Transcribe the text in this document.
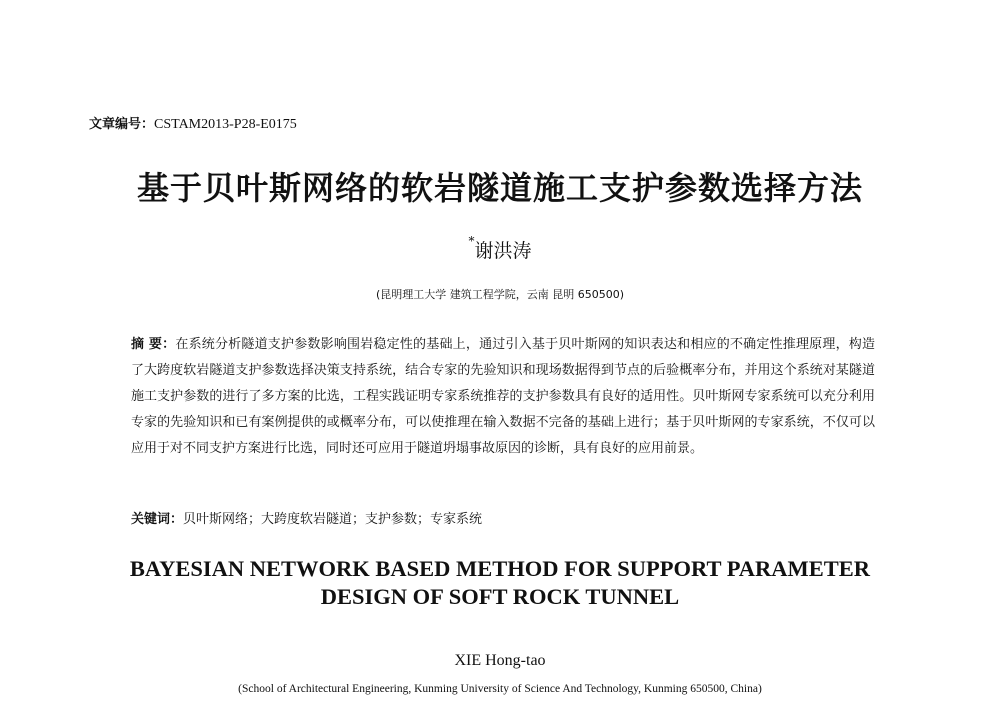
文章编号：CSTAM2013-P28-E0175
基于贝叶斯网络的软岩隧道施工支护参数选择方法
*谢洪涛
(昆明理工大学 建筑工程学院，云南 昆明 650500)
摘 要：在系统分析隧道支护参数影响围岩稳定性的基础上，通过引入基于贝叶斯网的知识表达和相应的不确定性推理原理，构造了大跨度软岩隧道支护参数选择决策支持系统，结合专家的先验知识和现场数据得到节点的后验概率分布，并用这个系统对某隧道施工支护参数的进行了多方案的比选，工程实践证明专家系统推荐的支护参数具有良好的适用性。贝叶斯网专家系统可以充分利用专家的先验知识和已有案例提供的或概率分布，可以使推理在输入数据不完备的基础上进行；基于贝叶斯网的专家系统，不仅可以应用于对不同支护方案进行比选，同时还可应用于隧道坍塌事故原因的诊断，具有良好的应用前景。
关键词：贝叶斯网络；大跨度软岩隧道；支护参数；专家系统
BAYESIAN NETWORK BASED METHOD FOR SUPPORT PARAMETER
DESIGN OF SOFT ROCK TUNNEL
XIE Hong-tao
(School of Architectural Engineering, Kunming University of Science And Technology, Kunming 650500, China)
